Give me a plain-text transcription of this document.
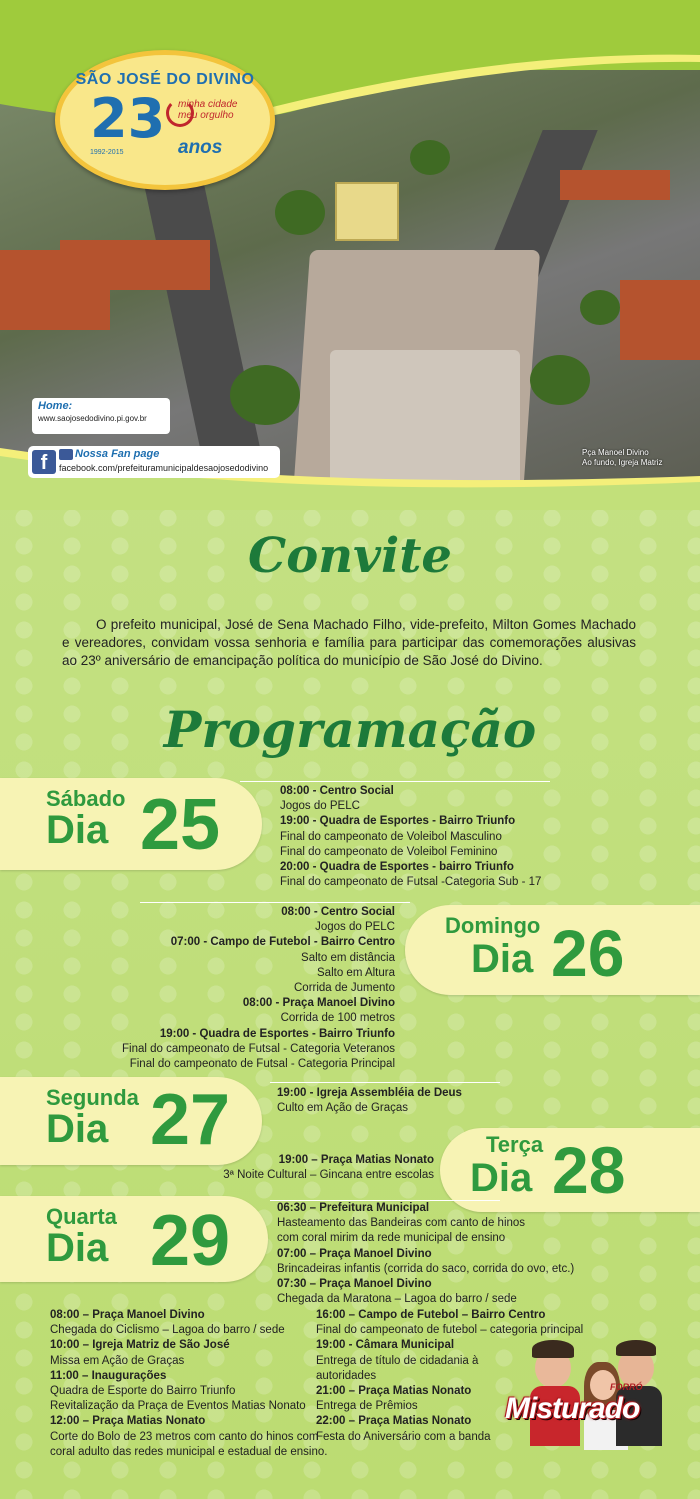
SÃO JOSÉ DO DIVINO
23 minha cidade meu orgulho
anos
1992-2015
Home:
www.saojosedodivino.pi.gov.br
f	Nossa Fan page
facebook.com/prefeituramunicipaldesaojosedodivino
Pça Manoel Divino
Ao fundo, Igreja Matriz
Convite
O prefeito municipal, José de Sena Machado Filho, vide-prefeito, Milton Gomes Machado e vereadores, convidam vossa senhoria e família para participar das comemorações alusivas ao 23º aniversário de emancipação política do município de São José do Divino.
Programação
Sábado
Dia 25	08:00 - Centro Social
Jogos do PELC
19:00 - Quadra de Esportes - Bairro Triunfo
Final do campeonato de Voleibol Masculino
Final do campeonato de Voleibol Feminino
20:00 - Quadra de Esportes - bairro Triunfo
Final do campeonato de Futsal -Categoria Sub - 17
08:00 - Centro Social
Jogos do PELC
07:00 - Campo de Futebol - Bairro Centro
Salto em distância
Salto em Altura
Corrida de Jumento
08:00 - Praça Manoel Divino
Corrida de 100 metros
19:00 - Quadra de Esportes - Bairro Triunfo
Final do campeonato de Futsal - Categoria Veteranos
Final do campeonato de Futsal - Categoria Principal
Domingo
Dia 26
Segunda
Dia 27	19:00 - Igreja Assembléia de Deus
Culto em Ação de Graças
19:00 – Praça Matias Nonato
3ª Noite Cultural – Gincana entre escolas
Terça
Dia 28
Quarta
Dia 29	06:30 – Prefeitura Municipal
Hasteamento das Bandeiras com canto de hinos
com coral mirim da rede municipal de ensino
07:00 – Praça Manoel Divino
Brincadeiras infantis (corrida do saco, corrida do ovo, etc.)
07:30 – Praça Manoel Divino
Chegada da Maratona – Lagoa do barro / sede
08:00 – Praça Manoel Divino
Chegada do Ciclismo – Lagoa do barro / sede
10:00 – Igreja Matriz de São José
Missa em Ação de Graças
11:00 – Inaugurações
Quadra de Esporte do Bairro Triunfo
Revitalização da Praça de Eventos Matias Nonato
12:00 – Praça Matias Nonato
Corte do Bolo de 23 metros com canto do hinos com
coral adulto das redes municipal e estadual de ensino.
16:00 – Campo de Futebol – Bairro Centro
Final do campeonato de futebol – categoria principal
19:00 - Câmara Municipal
Entrega de título de cidadania à
autoridades
21:00 – Praça Matias Nonato
Entrega de Prêmios
22:00 – Praça Matias Nonato
Festa do Aniversário com a banda
FORRÓ
Misturado
